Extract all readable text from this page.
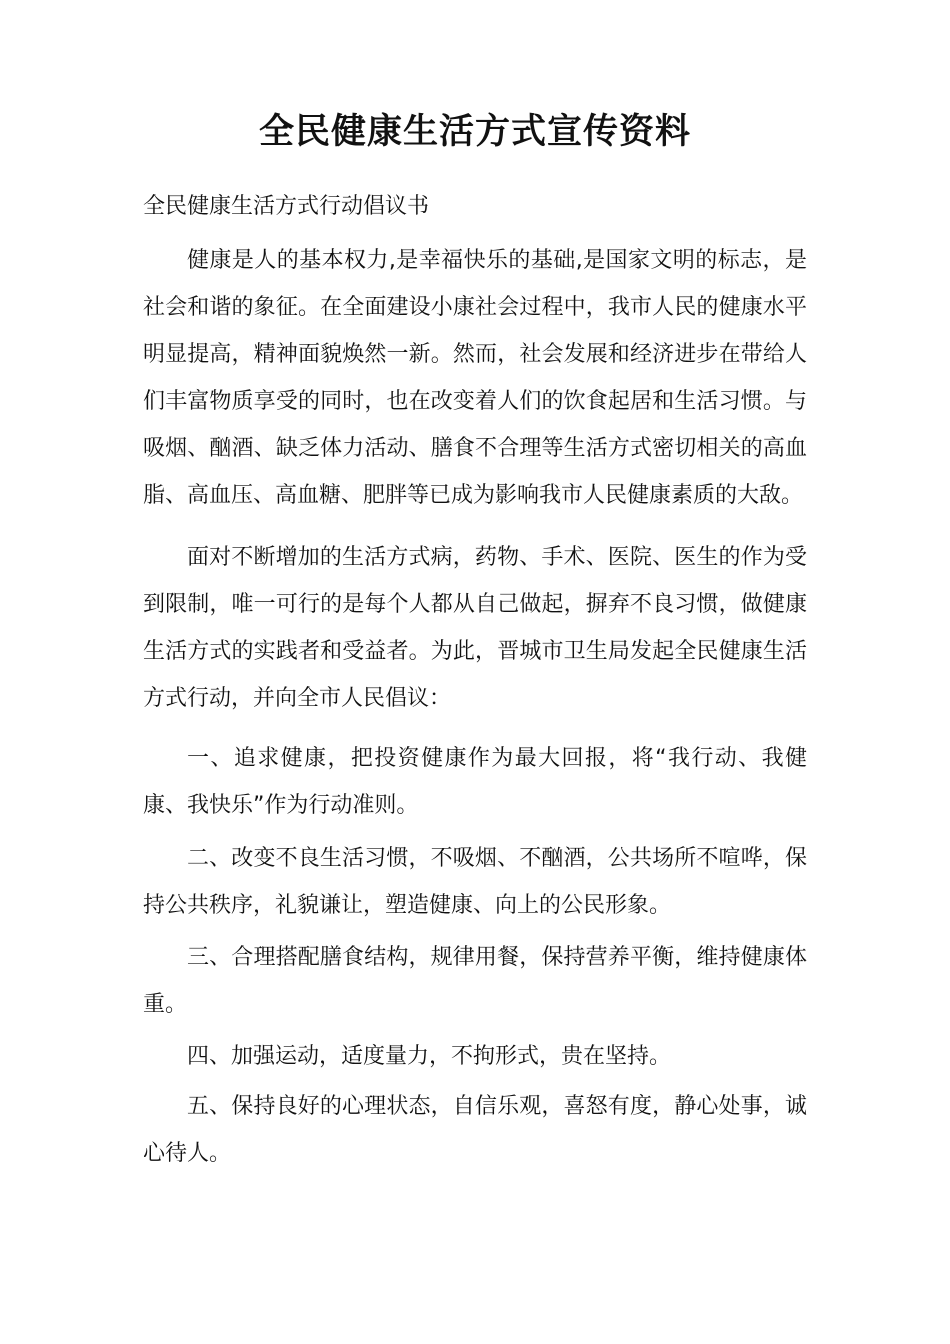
全民健康生活方式宣传资料

全民健康生活方式行动倡议书

健康是人的基本权力,是幸福快乐的基础,是国家文明的标志，是社会和谐的象征。在全面建设小康社会过程中，我市人民的健康水平明显提高，精神面貌焕然一新。然而，社会发展和经济进步在带给人们丰富物质享受的同时，也在改变着人们的饮食起居和生活习惯。与吸烟、酗酒、缺乏体力活动、膳食不合理等生活方式密切相关的高血脂、高血压、高血糖、肥胖等已成为影响我市人民健康素质的大敌。

面对不断增加的生活方式病，药物、手术、医院、医生的作为受到限制，唯一可行的是每个人都从自己做起，摒弃不良习惯，做健康生活方式的实践者和受益者。为此，晋城市卫生局发起全民健康生活方式行动，并向全市人民倡议：

一、追求健康，把投资健康作为最大回报，将“我行动、我健康、我快乐”作为行动准则。

二、改变不良生活习惯，不吸烟、不酗酒，公共场所不喧哗，保持公共秩序，礼貌谦让，塑造健康、向上的公民形象。

三、合理搭配膳食结构，规律用餐，保持营养平衡，维持健康体重。

四、加强运动，适度量力，不拘形式，贵在坚持。

五、保持良好的心理状态，自信乐观，喜怒有度，静心处事，诚心待人。
